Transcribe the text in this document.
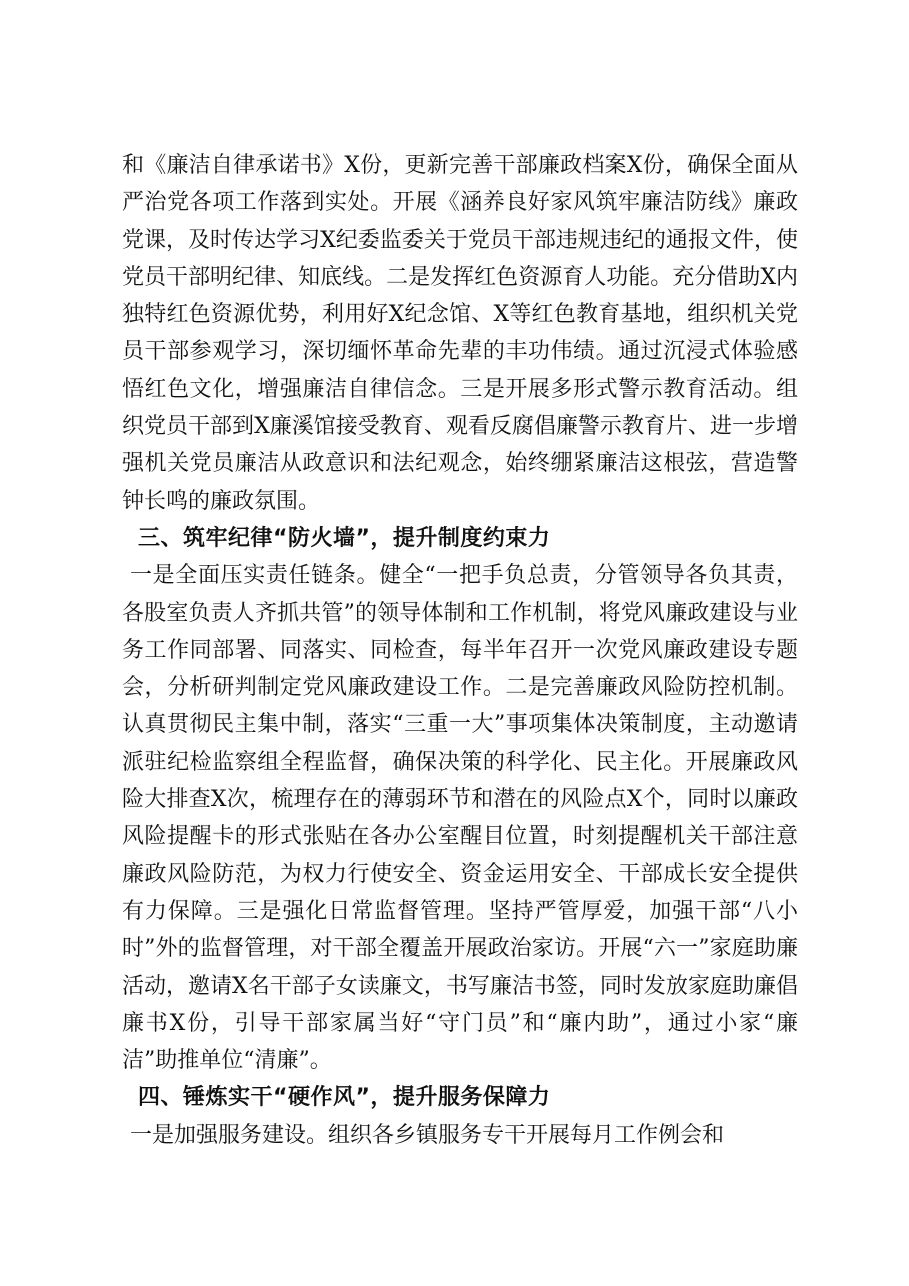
和《廉洁自律承诺书》X份，更新完善干部廉政档案X份，确保全面从严治党各项工作落到实处。开展《涵养良好家风筑牢廉洁防线》廉政党课，及时传达学习X纪委监委关于党员干部违规违纪的通报文件，使党员干部明纪律、知底线。二是发挥红色资源育人功能。充分借助X内独特红色资源优势，利用好X纪念馆、X等红色教育基地，组织机关党员干部参观学习，深切缅怀革命先辈的丰功伟绩。通过沉浸式体验感悟红色文化，增强廉洁自律信念。三是开展多形式警示教育活动。组织党员干部到X廉溪馆接受教育、观看反腐倡廉警示教育片、进一步增强机关党员廉洁从政意识和法纪观念，始终绷紧廉洁这根弦，营造警钟长鸣的廉政氛围。

三、筑牢纪律“防火墙”，提升制度约束力

一是全面压实责任链条。健全“一把手负总责，分管领导各负其责，各股室负责人齐抓共管”的领导体制和工作机制，将党风廉政建设与业务工作同部署、同落实、同检查，每半年召开一次党风廉政建设专题会，分析研判制定党风廉政建设工作。二是完善廉政风险防控机制。认真贯彻民主集中制，落实“三重一大”事项集体决策制度，主动邀请派驻纪检监察组全程监督，确保决策的科学化、民主化。开展廉政风险大排查X次，梳理存在的薄弱环节和潜在的风险点X个，同时以廉政风险提醒卡的形式张贴在各办公室醒目位置，时刻提醒机关干部注意廉政风险防范，为权力行使安全、资金运用安全、干部成长安全提供有力保障。三是强化日常监督管理。坚持严管厚爱，加强干部“八小时”外的监督管理，对干部全覆盖开展政治家访。开展“六一”家庭助廉活动，邀请X名干部子女读廉文，书写廉洁书签，同时发放家庭助廉倡廉书X份，引导干部家属当好“守门员”和“廉内助”，通过小家“廉洁”助推单位“清廉”。

四、锤炼实干“硬作风”，提升服务保障力

一是加强服务建设。组织各乡镇服务专干开展每月工作例会和
